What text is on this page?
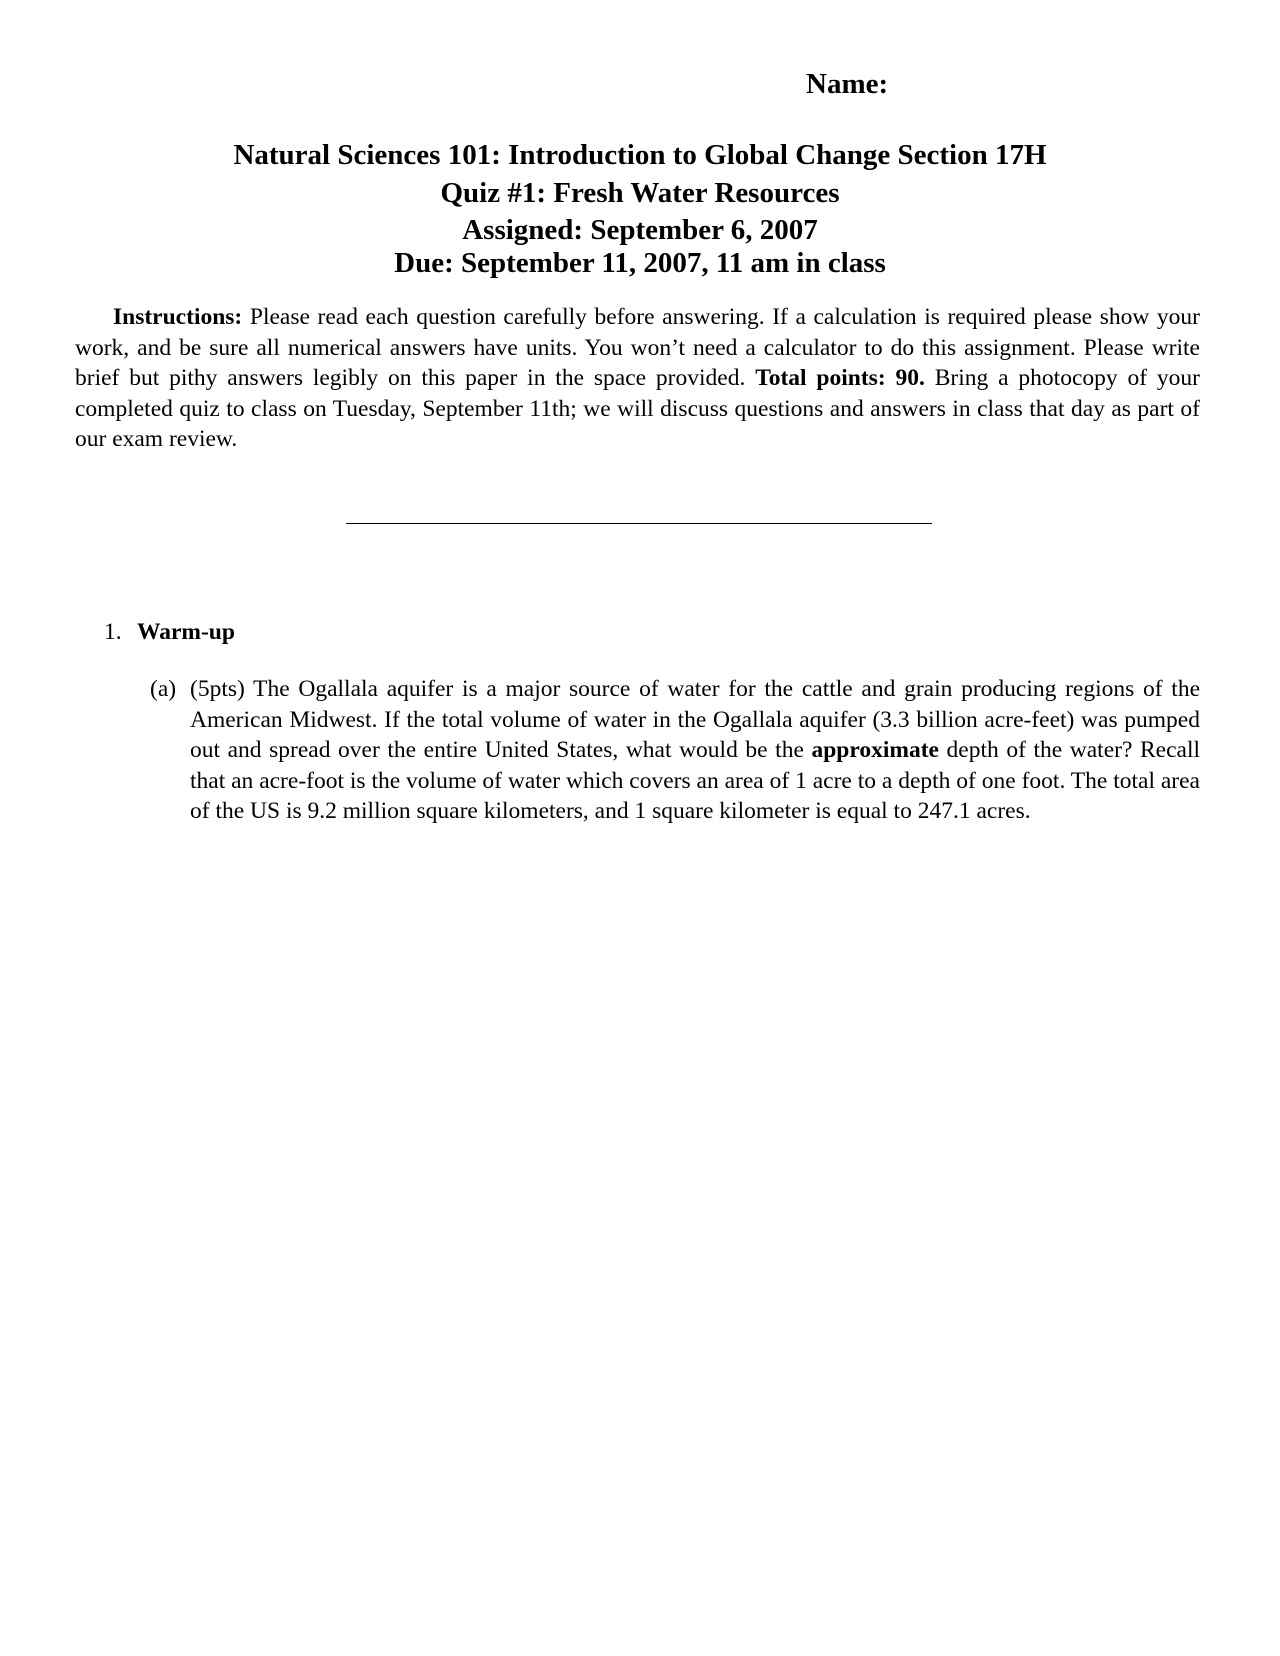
Name:
Natural Sciences 101: Introduction to Global Change Section 17H
Quiz #1: Fresh Water Resources
Assigned: September 6, 2007
Due: September 11, 2007, 11 am in class
Instructions: Please read each question carefully before answering. If a calculation is required please show your work, and be sure all numerical answers have units. You won’t need a calculator to do this assignment. Please write brief but pithy answers legibly on this paper in the space provided. Total points: 90. Bring a photocopy of your completed quiz to class on Tuesday, September 11th; we will discuss questions and answers in class that day as part of our exam review.
1. Warm-up
(a) (5pts) The Ogallala aquifer is a major source of water for the cattle and grain producing regions of the American Midwest. If the total volume of water in the Ogallala aquifer (3.3 billion acre-feet) was pumped out and spread over the entire United States, what would be the approximate depth of the water? Recall that an acre-foot is the volume of water which covers an area of 1 acre to a depth of one foot. The total area of the US is 9.2 million square kilometers, and 1 square kilometer is equal to 247.1 acres.
